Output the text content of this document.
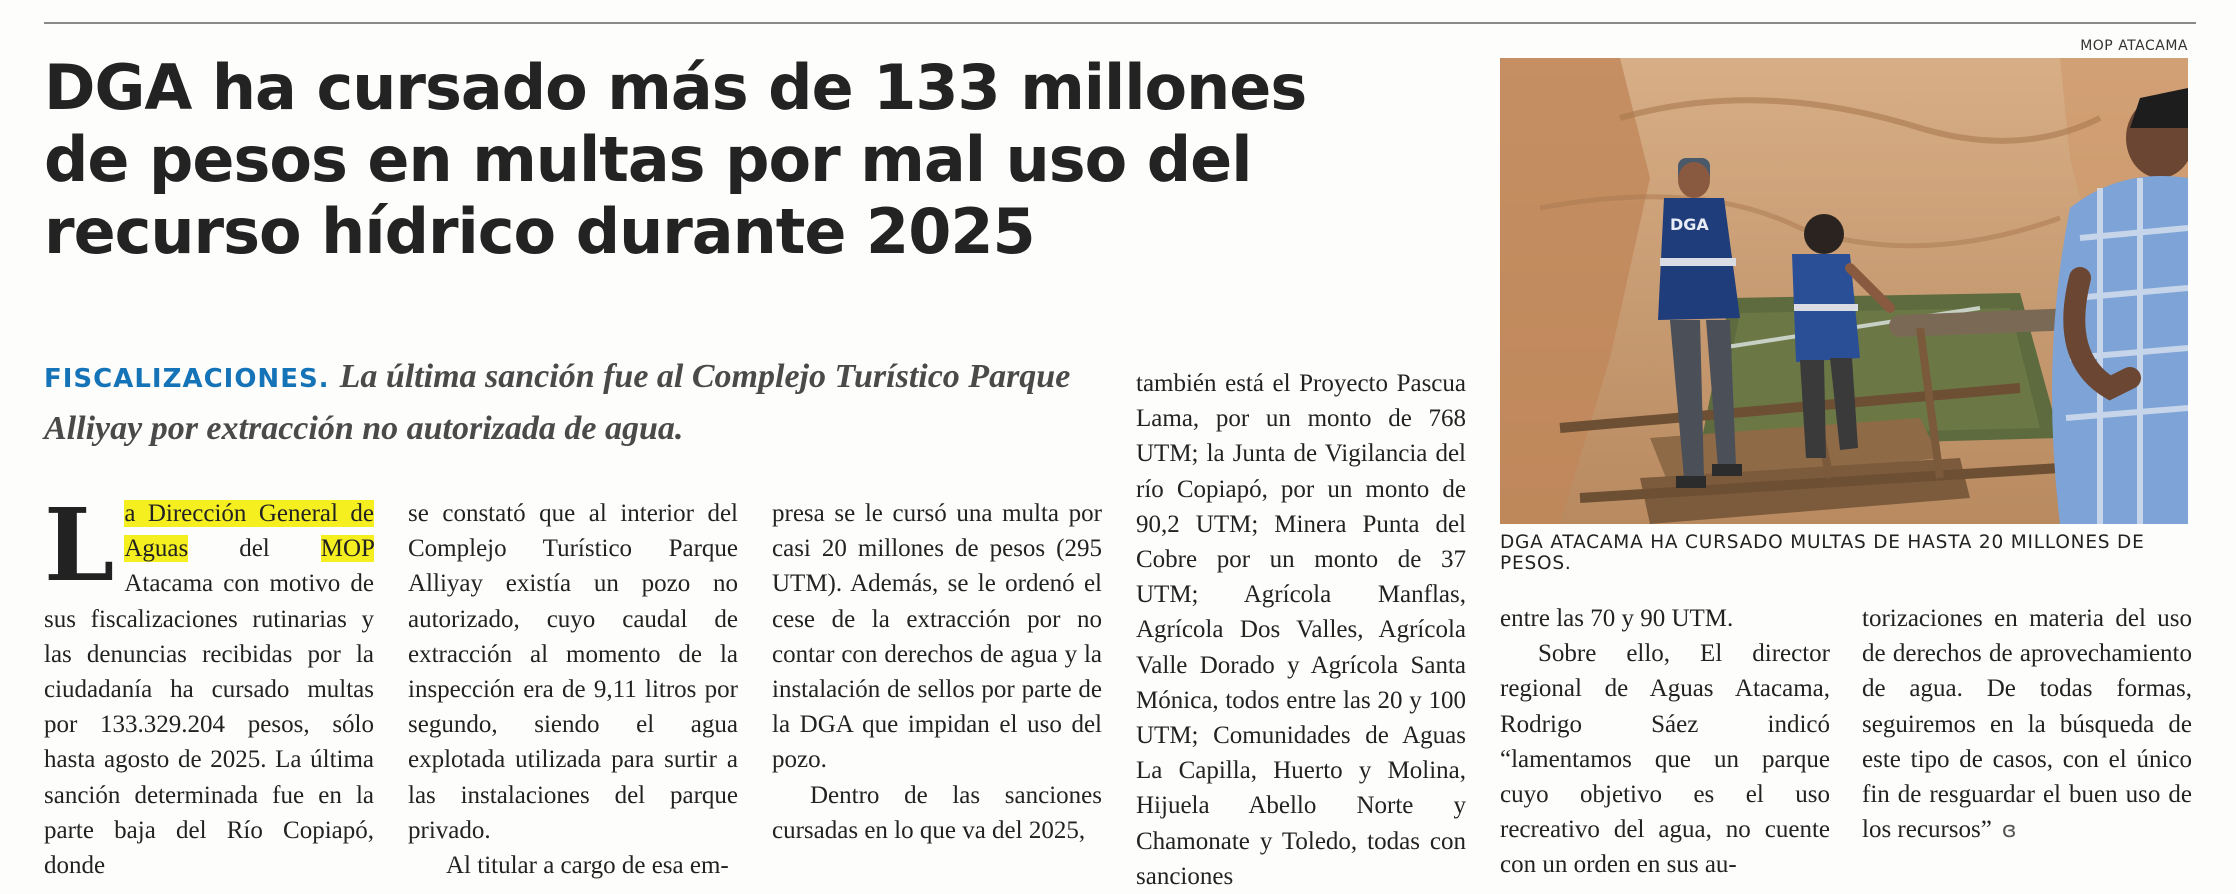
DGA ha cursado más de 133 millones
de pesos en multas por mal uso del
recurso hídrico durante 2025
FISCALIZACIONES. La última sanción fue al Complejo Turístico Parque Alliyay por extracción no autorizada de agua.
MOP ATACAMA
DGA
DGA ATACAMA HA CURSADO MULTAS DE HASTA 20 MILLONES DE PESOS.

La Dirección General de Aguas del MOP Atacama con motivo de sus fiscalizaciones rutinarias y las denuncias recibidas por la ciudadanía ha cursado multas por 133.329.204 pesos, sólo hasta agosto de 2025. La última sanción determinada fue en la parte baja del Río Copiapó, donde

se constató que al interior del Complejo Turístico Parque Alliyay existía un pozo no autorizado, cuyo caudal de extracción al momento de la inspección era de 9,11 litros por segundo, siendo el agua explotada utilizada para surtir a las instalaciones del parque privado.

Al titular a cargo de esa em-

presa se le cursó una multa por casi 20 millones de pesos (295 UTM). Además, se le ordenó el cese de la extracción por no contar con derechos de agua y la instalación de sellos por parte de la DGA que impidan el uso del pozo.

Dentro de las sanciones cursadas en lo que va del 2025,

también está el Proyecto Pascua Lama, por un monto de 768 UTM; la Junta de Vigilancia del río Copiapó, por un monto de 90,2 UTM; Minera Punta del Cobre por un monto de 37 UTM; Agrícola Manflas, Agrícola Dos Valles, Agrícola Valle Dorado y Agrícola Santa Mónica, todos entre las 20 y 100 UTM; Comunidades de Aguas La Capilla, Huerto y Molina, Hijuela Abello Norte y Chamonate y Toledo, todas con sanciones

entre las 70 y 90 UTM.

Sobre ello, El director regional de Aguas Atacama, Rodrigo Sáez indicó “lamentamos que un parque cuyo objetivo es el uso recreativo del agua, no cuente con un orden en sus au-

torizaciones en materia del uso de derechos de aprovechamiento de agua. De todas formas, seguiremos en la búsqueda de este tipo de casos, con el único fin de resguardar el buen uso de los recursos” ɞ
